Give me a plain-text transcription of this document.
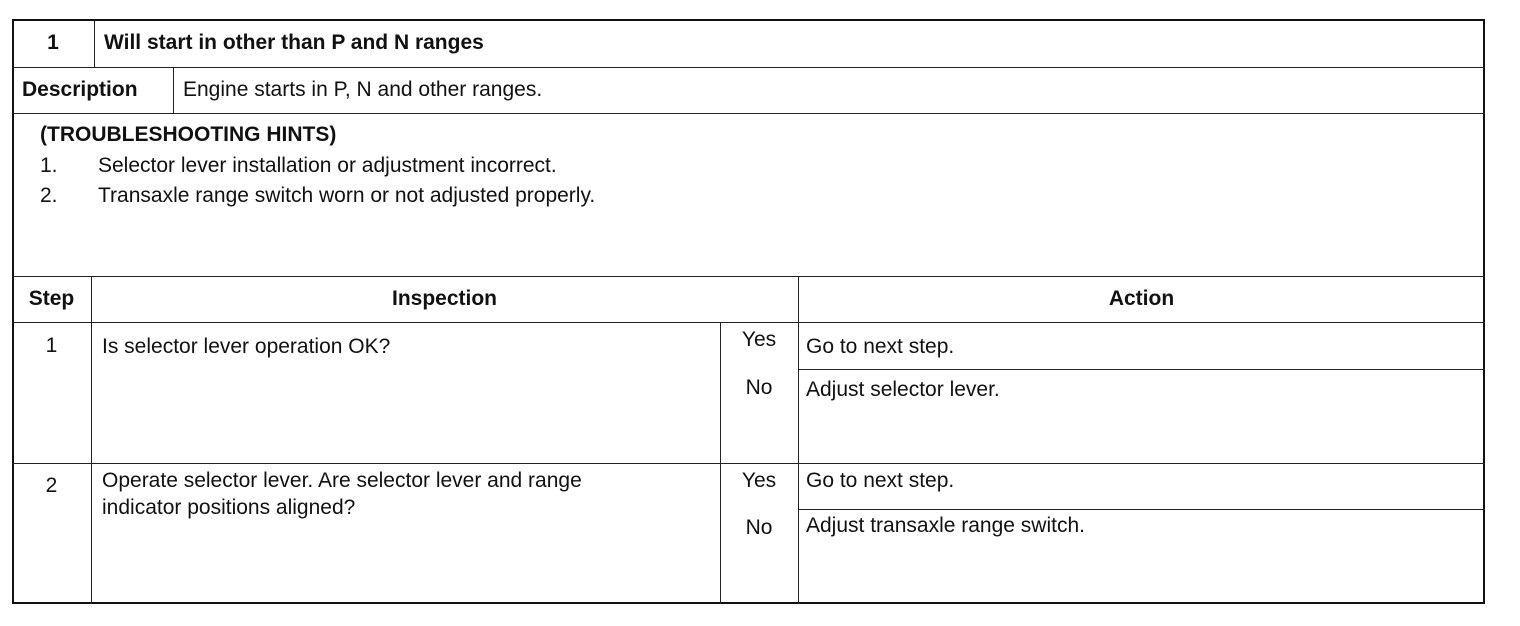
1	Will start in other than P and N ranges
Description Engine starts in P, N and other ranges.
(TROUBLESHOOTING HINTS)
1. Selector lever installation or adjustment incorrect.
2. Transaxle range switch worn or not adjusted properly.
Step	Inspection	Action
1	Is selector lever operation OK?	Yes	Go to next step.
No	Adjust selector lever.
2	Operate selector lever. Are selector lever and range
indicator positions aligned?
Yes	Go to next step.
No	Adjust transaxle range switch.
